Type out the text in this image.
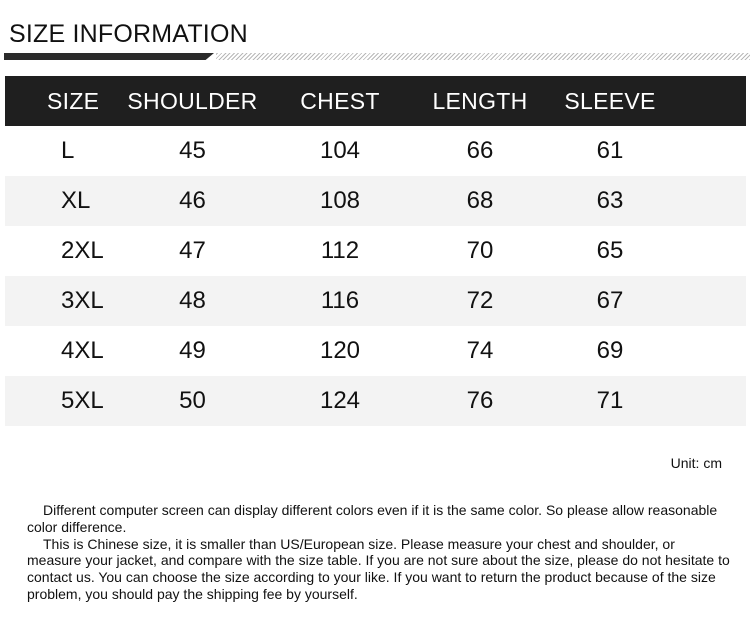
SIZE INFORMATION
SIZE	SHOULDER	CHEST	LENGTH	SLEEVE	
L	45	104	66	61	
XL	46	108	68	63	
2XL	47	112	70	65	
3XL	48	116	72	67	
4XL	49	120	74	69	
5XL	50	124	76	71	
Unit: cm

Different computer screen can display different colors even if it is the same color. So please allow reasonable color difference.

This is Chinese size, it is smaller than US/European size. Please measure your chest and shoulder, or measure your jacket, and compare with the size table. If you are not sure about the size, please do not hesitate to contact us. You can choose the size according to your like. If you want to return the product because of the size problem, you should pay the shipping fee by yourself.
